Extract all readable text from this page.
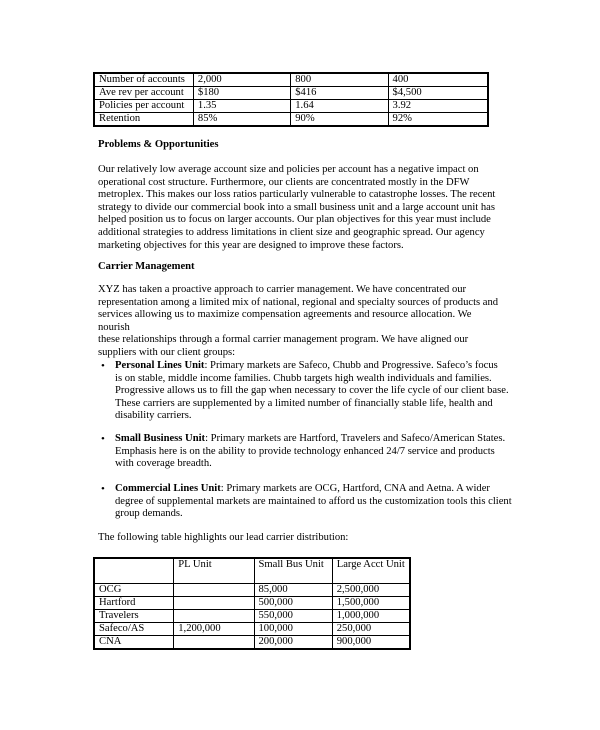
Number of accounts	2,000	800	400
Ave rev per account	$180	$416	$4,500
Policies per account	1.35	1.64	3.92
Retention	85%	90%	92%
Problems & Opportunities
Our relatively low average account size and policies per account has a negative impact on
operational cost structure. Furthermore, our clients are concentrated mostly in the DFW
metroplex. This makes our loss ratios particularly vulnerable to catastrophe losses. The recent
strategy to divide our commercial book into a small business unit and a large account unit has
helped position us to focus on larger accounts. Our plan objectives for this year must include
additional strategies to address limitations in client size and geographic spread. Our agency
marketing objectives for this year are designed to improve these factors.
Carrier Management
XYZ has taken a proactive approach to carrier management. We have concentrated our
representation among a limited mix of national, regional and specialty sources of products and
services allowing us to maximize compensation agreements and resource allocation. We nourish
these relationships through a formal carrier management program. We have aligned our
suppliers with our client groups:
• Personal Lines Unit: Primary markets are Safeco, Chubb and Progressive. Safeco’s focus
is on stable, middle income families. Chubb targets high wealth individuals and families.
Progressive allows us to fill the gap when necessary to cover the life cycle of our client base.
These carriers are supplemented by a limited number of financially stable life, health and
disability carriers.
• Small Business Unit: Primary markets are Hartford, Travelers and Safeco/American States.
Emphasis here is on the ability to provide technology enhanced 24/7 service and products
with coverage breadth.
• Commercial Lines Unit: Primary markets are OCG, Hartford, CNA and Aetna. A wider
degree of supplemental markets are maintained to afford us the customization tools this client
group demands.
The following table highlights our lead carrier distribution:
	PL Unit	Small Bus Unit	Large Acct Unit
OCG		85,000	2,500,000
Hartford		500,000	1,500,000
Travelers		550,000	1,000,000
Safeco/AS	1,200,000	100,000	250,000
CNA		200,000	900,000
